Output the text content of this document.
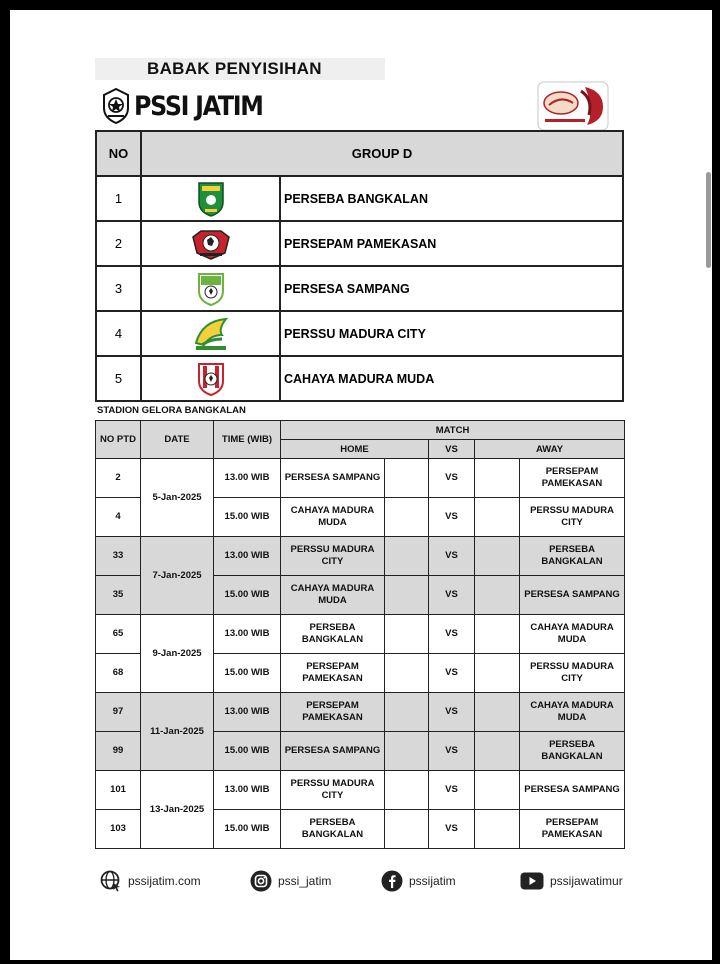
BABAK PENYISIHAN
PSSI JATIM
NO	GROUP D	
1		PERSEBA BANGKALAN
2		PERSEPAM PAMEKASAN
3		PERSESA SAMPANG
4		PERSSU MADURA CITY
5		CAHAYA MADURA MUDA
STADION GELORA BANGKALAN
NO PTD	DATE	TIME (WIB)	MATCH				
			HOME		VS	AWAY	
2	5-Jan-2025	13.00 WIB	PERSESA SAMPANG		VS		PERSEPAM PAMEKASAN
4		15.00 WIB	CAHAYA MADURA MUDA		VS		PERSSU MADURA CITY
33	7-Jan-2025	13.00 WIB	PERSSU MADURA CITY		VS		PERSEBA BANGKALAN
35		15.00 WIB	CAHAYA MADURA MUDA		VS		PERSESA SAMPANG
65	9-Jan-2025	13.00 WIB	PERSEBA BANGKALAN		VS		CAHAYA MADURA MUDA
68		15.00 WIB	PERSEPAM PAMEKASAN		VS		PERSSU MADURA CITY
97	11-Jan-2025	13.00 WIB	PERSEPAM PAMEKASAN		VS		CAHAYA MADURA MUDA
99		15.00 WIB	PERSESA SAMPANG		VS		PERSEBA BANGKALAN
101	13-Jan-2025	13.00 WIB	PERSSU MADURA CITY		VS		PERSESA SAMPANG
103		15.00 WIB	PERSEBA BANGKALAN		VS		PERSEPAM PAMEKASAN
pssijatim.com	pssi_jatim	pssijatim	pssijawatimur
